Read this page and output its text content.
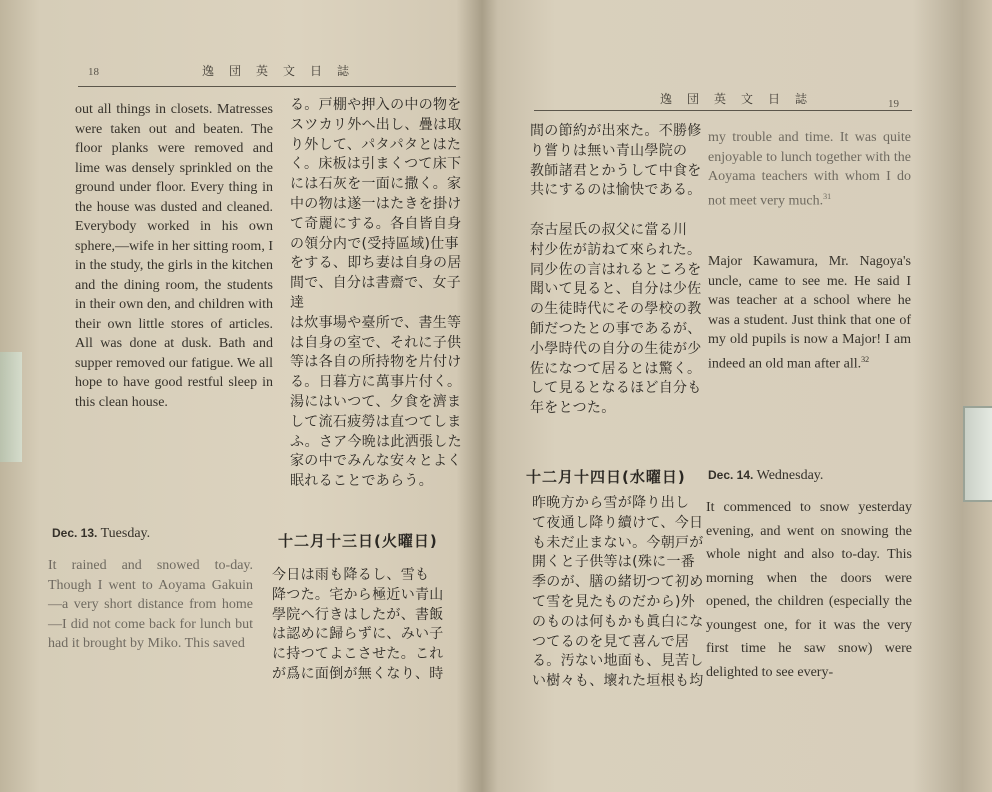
18	逸 団 英 文 日 誌
out all things in closets. Matresses were taken out and beaten. The floor planks were removed and lime was densely sprinkled on the ground under floor. Every thing in the house was dusted and cleaned. Everybody worked in his own sphere,—wife in her sitting room, I in the study, the girls in the kitchen and the dining room, the students in their own den, and children with their own little stores of articles. All was done at dusk. Bath and supper removed our fatigue. We all hope to have good restful sleep in this clean house.
る。戸棚や押入の中の物を
スツカリ外へ出し、疊は取
り外して、パタパタとはた
く。床板は引まくつて床下
には石灰を一面に撒く。家
中の物は遂一はたきを掛け
て奇麗にする。各自皆自身
の領分内で(受持區域)仕事
をする、即ち妻は自身の居
間で、自分は書齋で、女子達
は炊事場や臺所で、書生等
は自身の室で、それに子供
等は各自の所持物を片付け
る。日暮方に萬事片付く。
湯にはいつて、夕食を濟ま
して流石疲勞は直つてしま
ふ。さア今晩は此洒張した
家の中でみんな安々とよく
眠れることであらう。
Dec. 13. Tuesday.	十二月十三日(火曜日)
It rained and snowed to-day. Though I went to Aoyama Gakuin—a very short distance from home—I did not come back for lunch but had it brought by Miko. This saved
今日は雨も降るし、雪も
降つた。宅から極近い青山
學院へ行きはしたが、書飯
は認めに歸らずに、みい子
に持つてよこさせた。これ
が爲に面倒が無くなり、時
逸 団 英 文 日 誌	19
間の節約が出來た。不勝修
り嘗りは無い青山學院の
教師諸君とかうして中食を
共にするのは愉快である。

奈古屋氏の叔父に當る川
村少佐が訪ねて來られた。
同少佐の言はれるところを
聞いて見ると、自分は少佐
の生徒時代にその學校の教
師だつたとの事であるが、
小學時代の自分の生徒が少
佐になつて居るとは驚く。
して見るとなるほど自分も
年をとつた。
my trouble and time. It was quite enjoyable to lunch together with the Aoyama teachers with whom I do not meet very much.$^{31}$
Major Kawamura, Mr. Nagoya's uncle, came to see me. He said I was teacher at a school where he was a student. Just think that one of my old pupils is now a Major! I am indeed an old man after all.$^{32}$
十二月十四日(水曜日) Dec. 14. Wednesday.
昨晩方から雪が降り出し
て夜通し降り續けて、今日
も未だ止まない。今朝戸が
開くと子供等は(殊に一番
季のが、膳の緒切つて初め
て雪を見たものだから)外
のものは何もかも眞白にな
つてるのを見て喜んで居
る。汚ない地面も、見苦し
い樹々も、壞れた垣根も均
It commenced to snow yesterday evening, and went on snowing the whole night and also to-day. This morning when the doors were opened, the children (especially the youngest one, for it was the very first time he saw snow) were delighted to see every-
